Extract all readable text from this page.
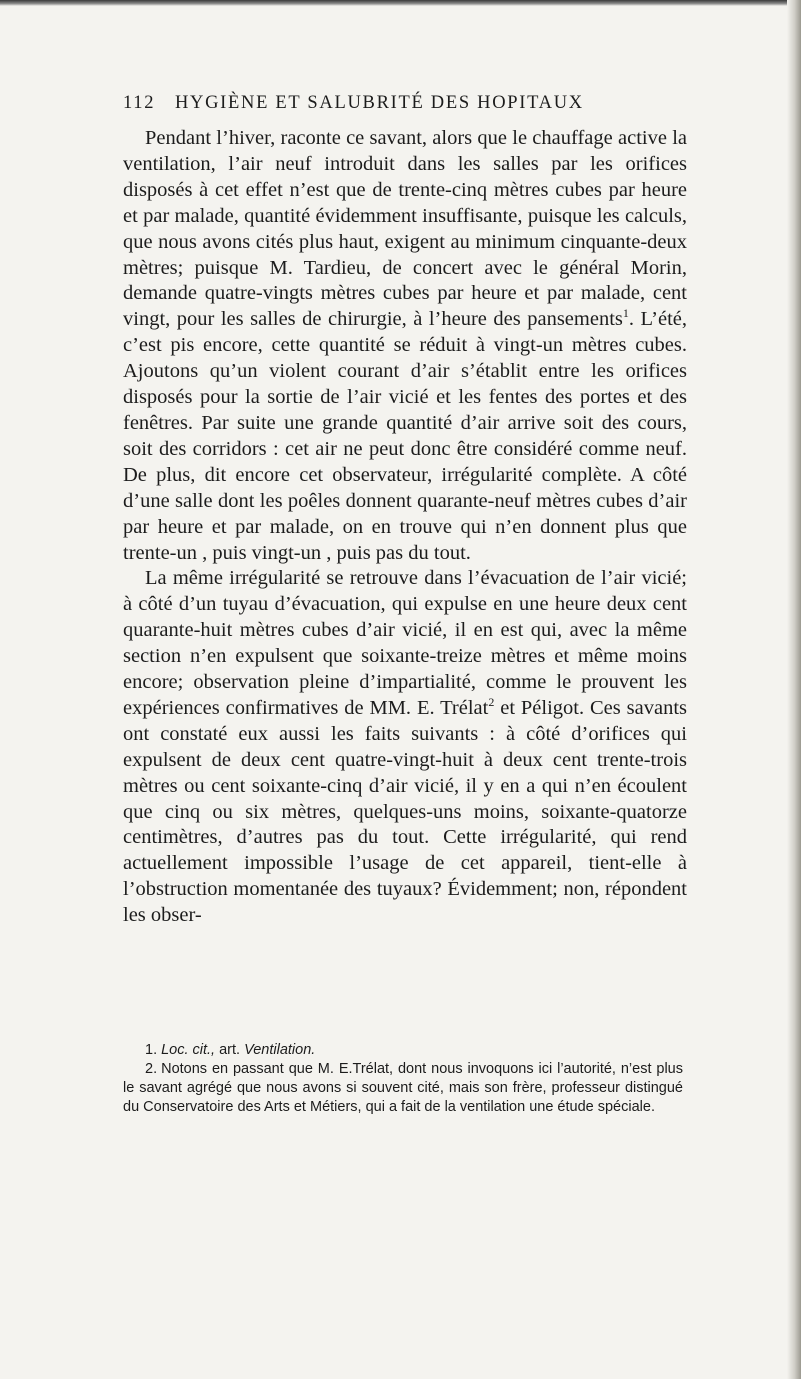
112 HYGIÈNE ET SALUBRITÉ DES HOPITAUX

Pendant l’hiver, raconte ce savant, alors que le chauffage active la ventilation, l’air neuf introduit dans les salles par les orifices disposés à cet effet n’est que de trente-cinq mètres cubes par heure et par malade, quantité évidemment insuffisante, puisque les calculs, que nous avons cités plus haut, exigent au minimum cinquante-deux mètres; puisque M. Tardieu, de concert avec le général Morin, demande quatre-vingts mètres cubes par heure et par malade, cent vingt, pour les salles de chirurgie, à l’heure des pansements$^1$. L’été, c’est pis encore, cette quantité se réduit à vingt-un mètres cubes. Ajoutons qu’un violent courant d’air s’établit entre les orifices disposés pour la sortie de l’air vicié et les fentes des portes et des fenêtres. Par suite une grande quantité d’air arrive soit des cours, soit des corridors : cet air ne peut donc être considéré comme neuf. De plus, dit encore cet observateur, irrégularité complète. A côté d’une salle dont les poêles donnent quarante-neuf mètres cubes d’air par heure et par malade, on en trouve qui n’en donnent plus que trente-un , puis vingt-un , puis pas du tout.

La même irrégularité se retrouve dans l’évacuation de l’air vicié; à côté d’un tuyau d’évacuation, qui expulse en une heure deux cent quarante-huit mètres cubes d’air vicié, il en est qui, avec la même section n’en expulsent que soixante-treize mètres et même moins encore; observation pleine d’impartialité, comme le prouvent les expériences confirmatives de MM. E. Trélat$^2$ et Péligot. Ces savants ont constaté eux aussi les faits suivants : à côté d’orifices qui expulsent de deux cent quatre-vingt-huit à deux cent trente-trois mètres ou cent soixante-cinq d’air vicié, il y en a qui n’en écoulent que cinq ou six mètres, quelques-uns moins, soixante-quatorze centimètres, d’autres pas du tout. Cette irrégularité, qui rend actuellement impossible l’usage de cet appareil, tient-elle à l’obstruction momentanée des tuyaux? Évidemment; non, répondent les obser-

1. Loc. cit., art. Ventilation.

2. Notons en passant que M. E.Trélat, dont nous invoquons ici l’autorité, n’est plus le savant agrégé que nous avons si souvent cité, mais son frère, professeur distingué du Conservatoire des Arts et Métiers, qui a fait de la ventilation une étude spéciale.
